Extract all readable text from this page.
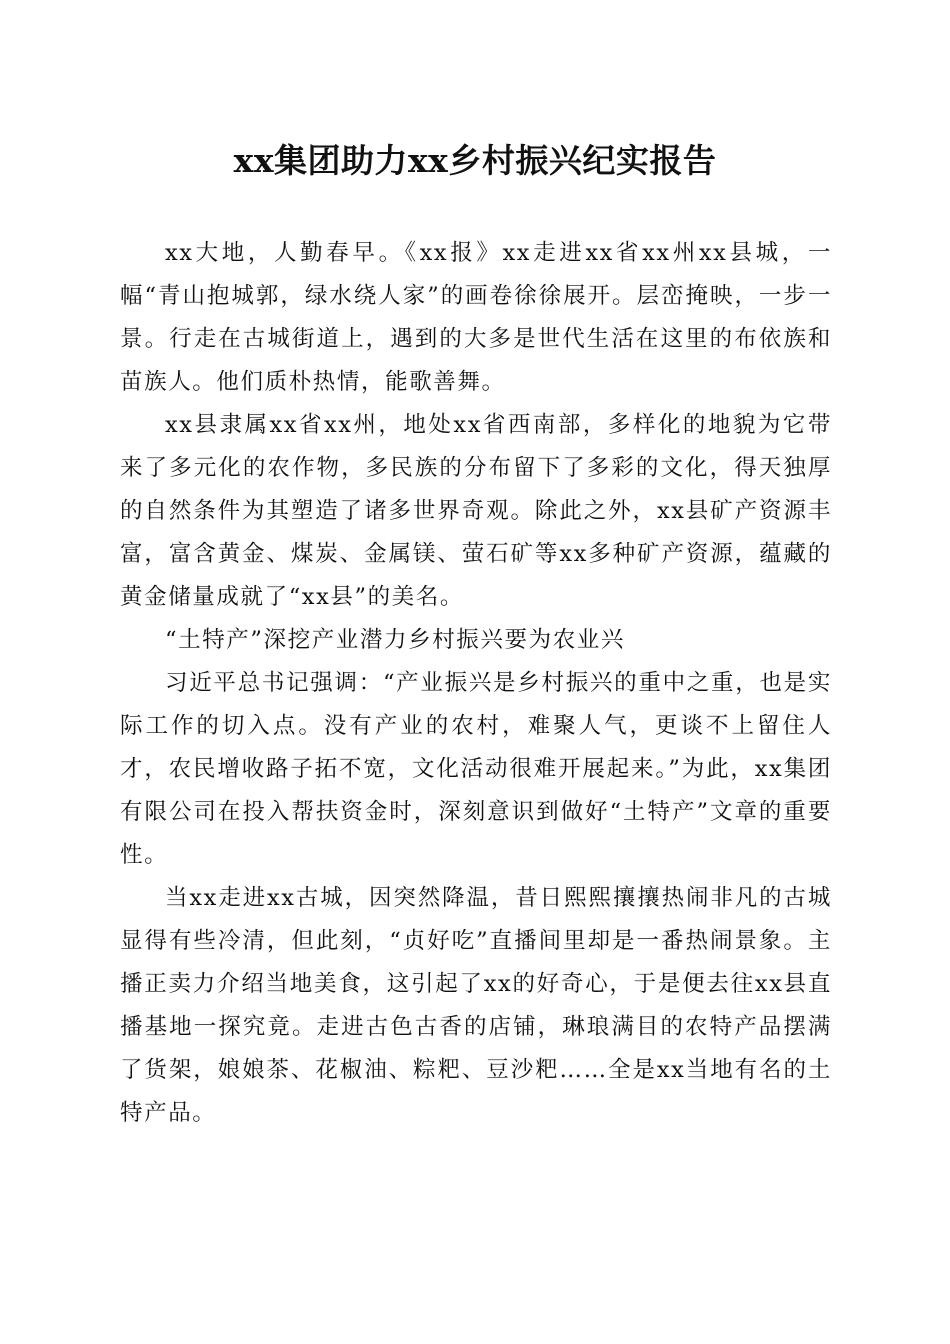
xx集团助力xx乡村振兴纪实报告

xx大地，人勤春早。《xx报》xx走进xx省xx州xx县城，一幅“青山抱城郭，绿水绕人家”的画卷徐徐展开。层峦掩映，一步一景。行走在古城街道上，遇到的大多是世代生活在这里的布依族和苗族人。他们质朴热情，能歌善舞。

xx县隶属xx省xx州，地处xx省西南部，多样化的地貌为它带来了多元化的农作物，多民族的分布留下了多彩的文化，得天独厚的自然条件为其塑造了诸多世界奇观。除此之外，xx县矿产资源丰富，富含黄金、煤炭、金属镁、萤石矿等xx多种矿产资源，蕴藏的黄金储量成就了“xx县”的美名。

“土特产”深挖产业潜力乡村振兴要为农业兴

习近平总书记强调：“产业振兴是乡村振兴的重中之重，也是实际工作的切入点。没有产业的农村，难聚人气，更谈不上留住人才，农民增收路子拓不宽，文化活动很难开展起来。”为此，xx集团有限公司在投入帮扶资金时，深刻意识到做好“土特产”文章的重要性。

当xx走进xx古城，因突然降温，昔日熙熙攘攘热闹非凡的古城显得有些冷清，但此刻，“贞好吃”直播间里却是一番热闹景象。主播正卖力介绍当地美食，这引起了xx的好奇心，于是便去往xx县直播基地一探究竟。走进古色古香的店铺，琳琅满目的农特产品摆满了货架，娘娘茶、花椒油、粽粑、豆沙粑……全是xx当地有名的土特产品。
